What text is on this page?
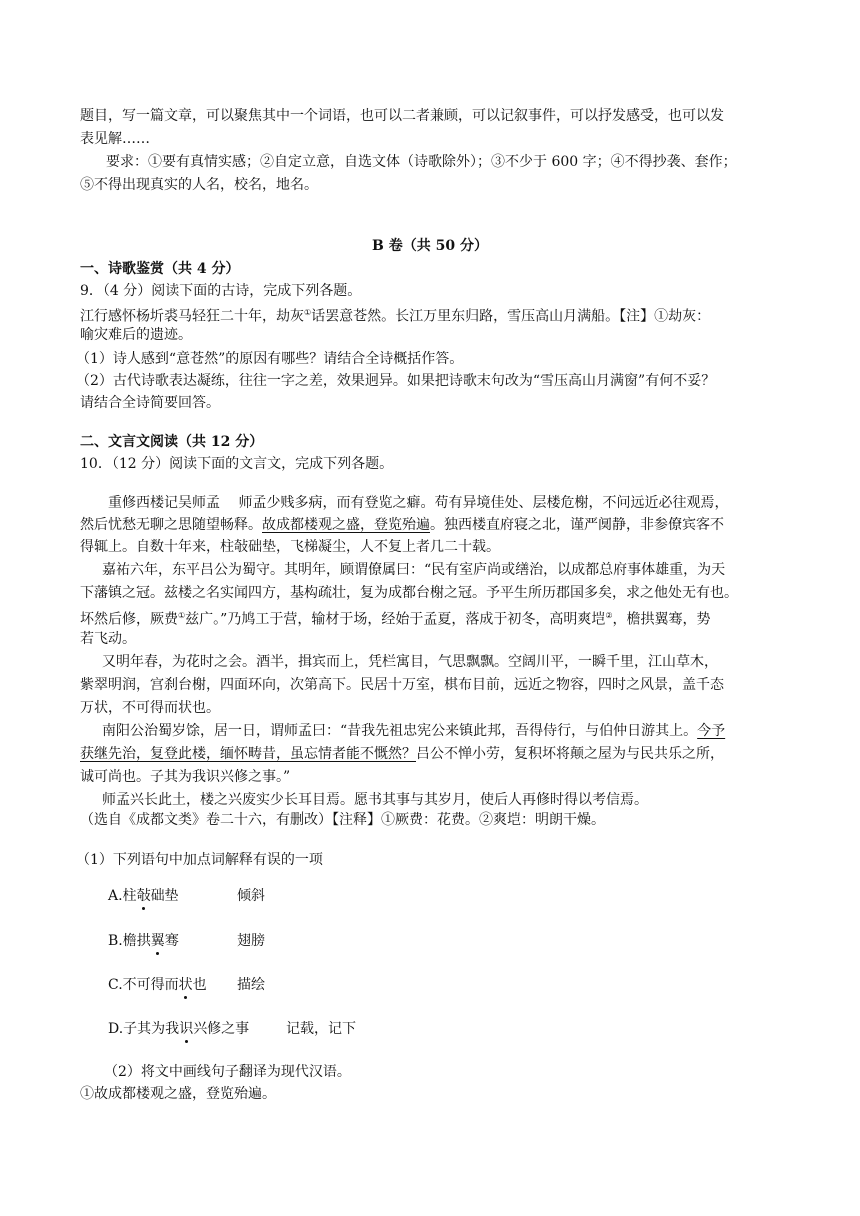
题目，写一篇文章，可以聚焦其中一个词语，也可以二者兼顾，可以记叙事件，可以抒发感受，也可以发
表见解……
要求：①要有真情实感；②自定立意，自选文体（诗歌除外）；③不少于 600 字；④不得抄袭、套作；
⑤不得出现真实的人名，校名，地名。
B 卷（共 50 分）
一、诗歌鉴赏（共 4 分）
9．（4 分）阅读下面的古诗，完成下列各题。
江行感怀杨圻裘马轻狂二十年，劫灰①话罢意苍然。长江万里东归路，雪压高山月满船。【注】①劫灰：
喻灾难后的遗迹。
（1）诗人感到“意苍然”的原因有哪些？请结合全诗概括作答。
（2）古代诗歌表达凝练，往往一字之差，效果迥异。如果把诗歌末句改为“雪压高山月满窗”有何不妥？
请结合全诗简要回答。
二、文言文阅读（共 12 分）
10．（12 分）阅读下面的文言文，完成下列各题。
重修西楼记吴师孟　 师孟少贱多病，而有登览之癖。苟有异境佳处、层楼危榭，不问远近必往观焉，
然后忧愁无聊之思随望畅释。故成都楼观之盛，登览殆遍。独西楼直府寝之北，谨严阒静，非参僚宾客不
得辄上。自数十年来，柱敧础垫，飞梯凝尘，人不复上者几二十载。
嘉祐六年，东平吕公为蜀守。其明年，顾谓僚属曰：“民有室庐尚或缮治，以成都总府事体雄重，为天
下藩镇之冠。兹楼之名实闻四方，基构疏壮，复为成都台榭之冠。予平生所历郡国多矣，求之他处无有也。
坏然后修，厥费①兹广。”乃鸠工于营，输材于场，经始于孟夏，落成于初冬，高明爽垲②，檐拱翼骞，势
若飞动。
又明年春，为花时之会。酒半，揖宾而上，凭栏寓目，气思飘飘。空阔川平，一瞬千里，江山草木，
紫翠明润，宫刹台榭，四面环向，次第高下。民居十万室，棋布目前，远近之物容，四时之风景，盖千态
万状，不可得而状也。
南阳公治蜀岁馀，居一日，谓师孟曰：“昔我先祖忠宪公来镇此邦，吾得侍行，与伯仲日游其上。今予
获继先治，复登此楼，缅怀畴昔，虽忘情者能不慨然？吕公不惮小劳，复积坏将颠之屋为与民共乐之所，
诚可尚也。子其为我识兴修之事。”
师孟兴长此土，楼之兴废实少长耳目焉。愿书其事与其岁月，使后人再修时得以考信焉。
（选自《成都文类》卷二十六，有删改）【注释】①厥费：花费。②爽垲：明朗干燥。
（1）下列语句中加点词解释有误的一项
A.柱敧础垫	倾斜
B.檐拱翼骞	翅膀
C.不可得而状也 描绘
D.子其为我识兴修之事	记载，记下
（2）将文中画线句子翻译为现代汉语。
①故成都楼观之盛，登览殆遍。
